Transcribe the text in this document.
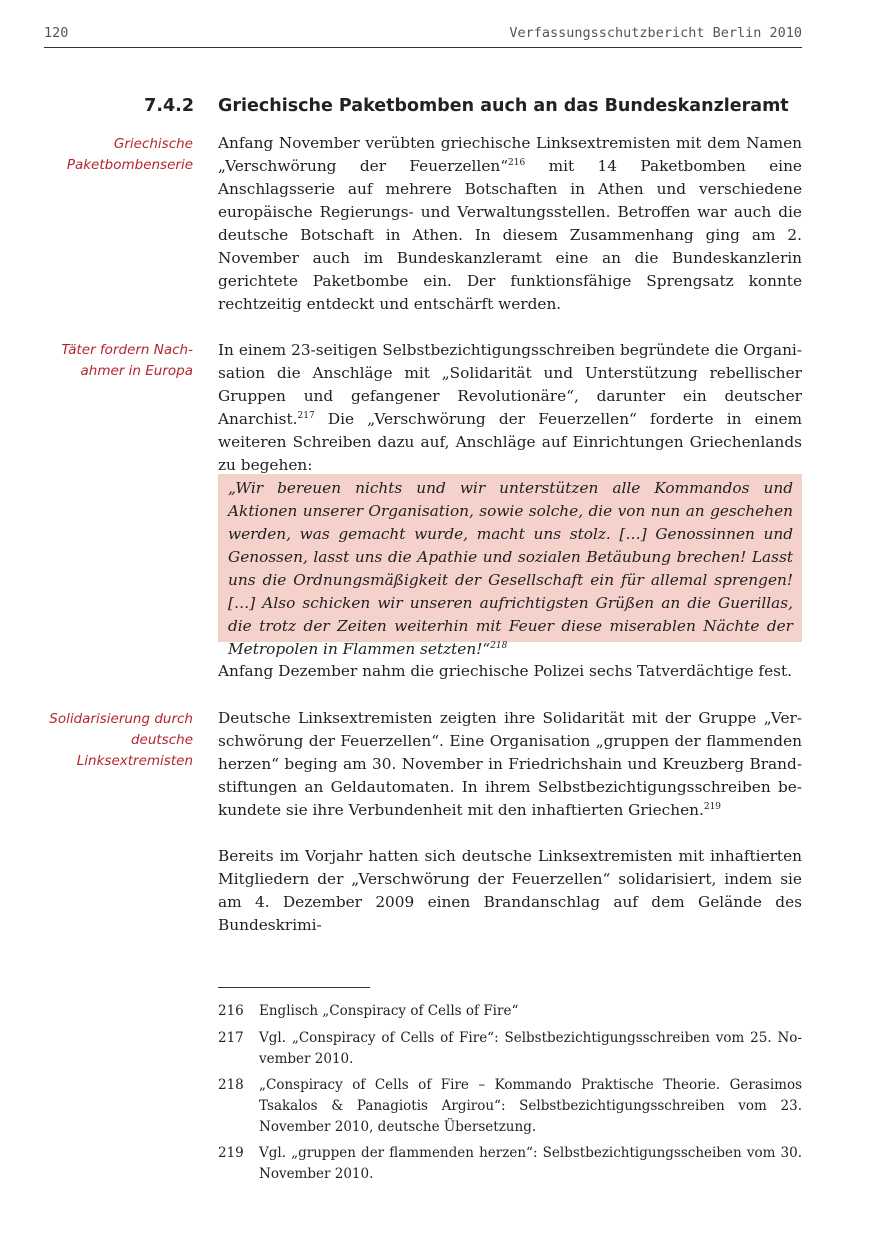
120	Verfassungsschutzbericht Berlin 2010
7.4.2 Griechische Paketbomben auch an das Bundeskanzleramt
Griechische Paketbombenserie
Täter fordern Nachahmer in Europa
Solidarisierung durch deutsche Linksextremisten
Anfang November verübten griechische Linksextremisten mit dem Namen „Verschwörung der Feuerzellen“$^{216}$ mit 14 Paketbomben eine Anschlagsserie auf mehrere Botschaften in Athen und verschiedene europäische Regierungs- und Verwaltungsstellen. Betroffen war auch die deutsche Botschaft in Athen. In diesem Zusammenhang ging am 2. November auch im Bundeskanzleramt eine an die Bundeskanzlerin gerichtete Paketbombe ein. Der funktionsfähige Sprengsatz konnte rechtzeitig entdeckt und entschärft werden.
In einem 23-seitigen Selbstbezichtigungsschreiben begründete die Organisation die Anschläge mit „Solidarität und Unterstützung rebellischer Gruppen und gefangener Revolutionäre“, darunter ein deutscher Anarchist.$^{217}$ Die „Verschwörung der Feuerzellen“ forderte in einem weiteren Schreiben dazu auf, Anschläge auf Einrichtungen Griechenlands zu begehen:
„Wir bereuen nichts und wir unterstützen alle Kommandos und Aktionen unserer Organisation, sowie solche, die von nun an geschehen werden, was gemacht wurde, macht uns stolz. […] Genossinnen und Genossen, lasst uns die Apathie und sozialen Betäubung brechen! Lasst uns die Ordnungsmäßigkeit der Gesellschaft ein für allemal sprengen! […] Also schicken wir unseren aufrichtigsten Grüßen an die Guerillas, die trotz der Zeiten weiterhin mit Feuer diese miserablen Nächte der Metropolen in Flammen setzten!“$^{218}$
Anfang Dezember nahm die griechische Polizei sechs Tatverdächtige fest.
Deutsche Linksextremisten zeigten ihre Solidarität mit der Gruppe „Verschwörung der Feuerzellen“. Eine Organisation „gruppen der flammenden herzen“ beging am 30. November in Friedrichshain und Kreuzberg Brandstiftungen an Geldautomaten. In ihrem Selbstbezichtigungsschreiben bekundete sie ihre Verbundenheit mit den inhaftierten Griechen.$^{219}$
Bereits im Vorjahr hatten sich deutsche Linksextremisten mit inhaftierten Mitgliedern der „Verschwörung der Feuerzellen“ solidarisiert, indem sie am 4. Dezember 2009 einen Brandanschlag auf dem Gelände des Bundeskrimi-
216 Englisch „Conspiracy of Cells of Fire“
217 Vgl. „Conspiracy of Cells of Fire“: Selbstbezichtigungsschreiben vom 25. November 2010.
218 „Conspiracy of Cells of Fire – Kommando Praktische Theorie. Gerasimos Tsakalos & Panagiotis Argirou“: Selbstbezichtigungsschreiben vom 23. November 2010, deutsche Übersetzung.
219 Vgl. „gruppen der flammenden herzen“: Selbstbezichtigungsscheiben vom 30. November 2010.
